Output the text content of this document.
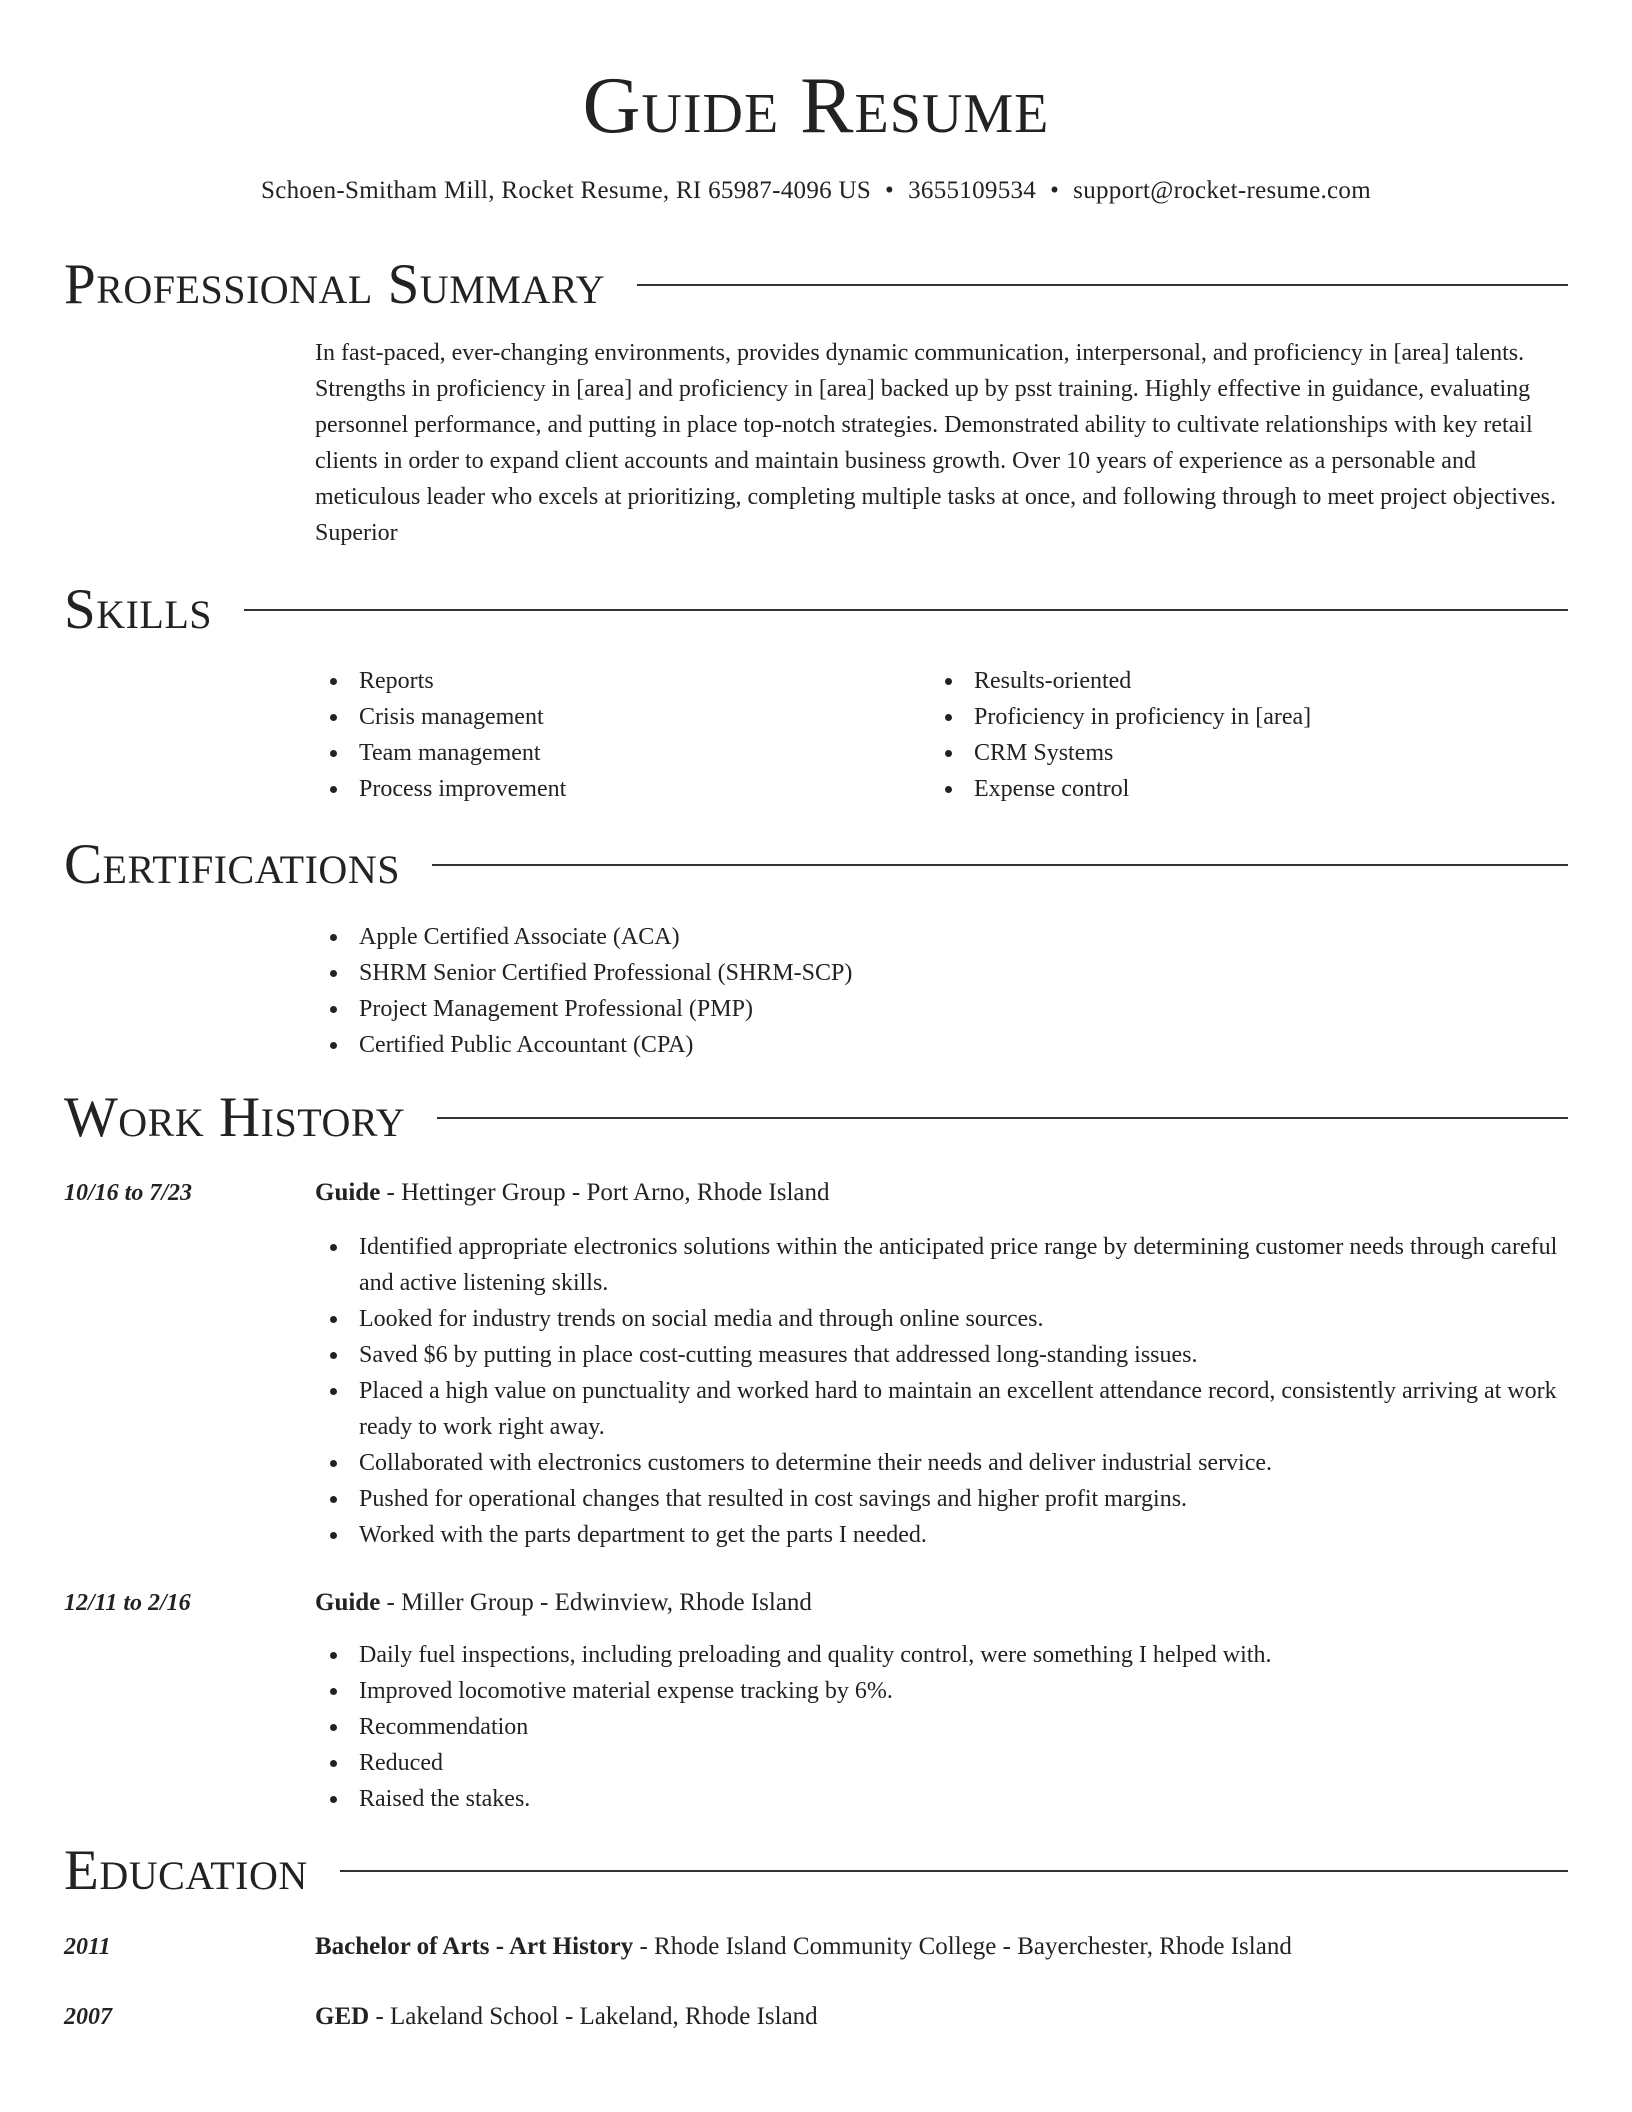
Guide Resume
Schoen-Smitham Mill, Rocket Resume, RI 65987-4096 US • 3655109534 • support@rocket-resume.com
Professional Summary
In fast-paced, ever-changing environments, provides dynamic communication, interpersonal, and proficiency in [area] talents. Strengths in proficiency in [area] and proficiency in [area] backed up by psst training. Highly effective in guidance, evaluating personnel performance, and putting in place top-notch strategies. Demonstrated ability to cultivate relationships with key retail clients in order to expand client accounts and maintain business growth. Over 10 years of experience as a personable and meticulous leader who excels at prioritizing, completing multiple tasks at once, and following through to meet project objectives. Superior
Skills
Reports
Crisis management
Team management
Process improvement
Results-oriented
Proficiency in proficiency in [area]
CRM Systems
Expense control
Certifications
Apple Certified Associate (ACA)
SHRM Senior Certified Professional (SHRM-SCP)
Project Management Professional (PMP)
Certified Public Accountant (CPA)
Work History
10/16 to 7/23	Guide - Hettinger Group - Port Arno, Rhode Island
Identified appropriate electronics solutions within the anticipated price range by determining customer needs through careful and active listening skills.
Looked for industry trends on social media and through online sources.
Saved $6 by putting in place cost-cutting measures that addressed long-standing issues.
Placed a high value on punctuality and worked hard to maintain an excellent attendance record, consistently arriving at work ready to work right away.
Collaborated with electronics customers to determine their needs and deliver industrial service.
Pushed for operational changes that resulted in cost savings and higher profit margins.
Worked with the parts department to get the parts I needed.
12/11 to 2/16	Guide - Miller Group - Edwinview, Rhode Island
Daily fuel inspections, including preloading and quality control, were something I helped with.
Improved locomotive material expense tracking by 6%.
Recommendation
Reduced
Raised the stakes.
Education
2011	Bachelor of Arts - Art History - Rhode Island Community College - Bayerchester, Rhode Island
2007	GED - Lakeland School - Lakeland, Rhode Island
